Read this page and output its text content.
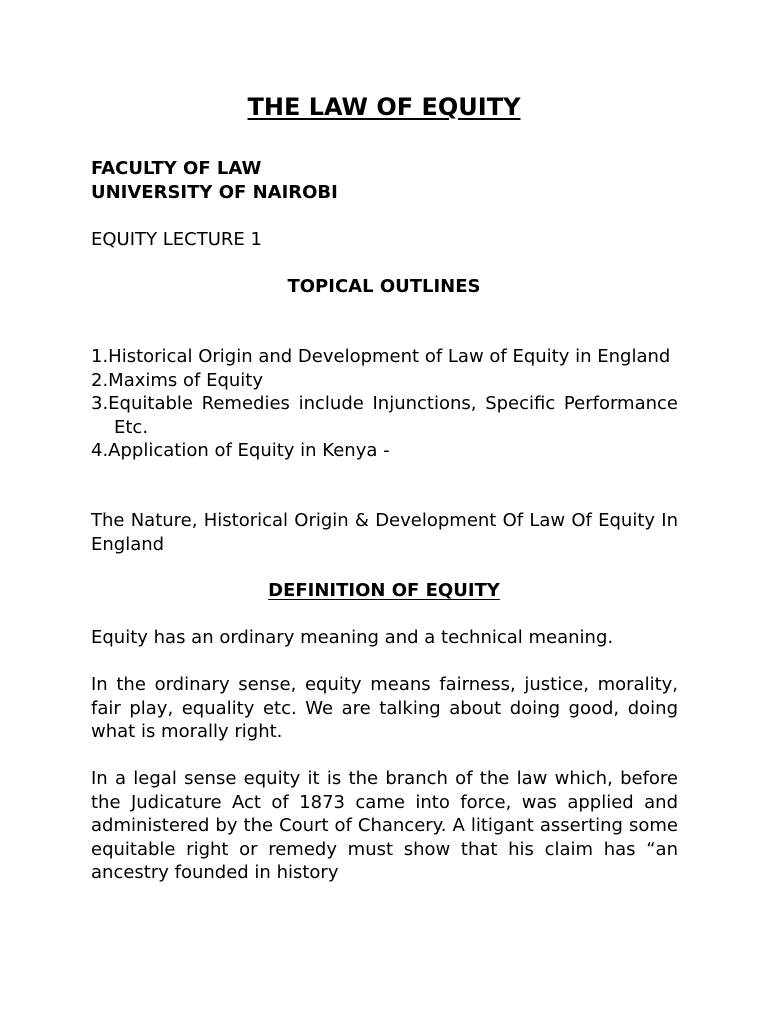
THE LAW OF EQUITY
FACULTY OF LAW
UNIVERSITY OF NAIROBI
EQUITY LECTURE 1
TOPICAL OUTLINES
1.Historical Origin and Development of Law of Equity in England
2.Maxims of Equity
3.Equitable Remedies include Injunctions, Specific Performance Etc.
4.Application of Equity in Kenya -

The Nature, Historical Origin & Development Of Law Of Equity In England

DEFINITION OF EQUITY

Equity has an ordinary meaning and a technical meaning.

In the ordinary sense, equity means fairness, justice, morality, fair play, equality etc. We are talking about doing good, doing what is morally right.

In a legal sense equity it is the branch of the law which, before the Judicature Act of 1873 came into force, was applied and administered by the Court of Chancery. A litigant asserting some equitable right or remedy must show that his claim has “an ancestry founded in history
